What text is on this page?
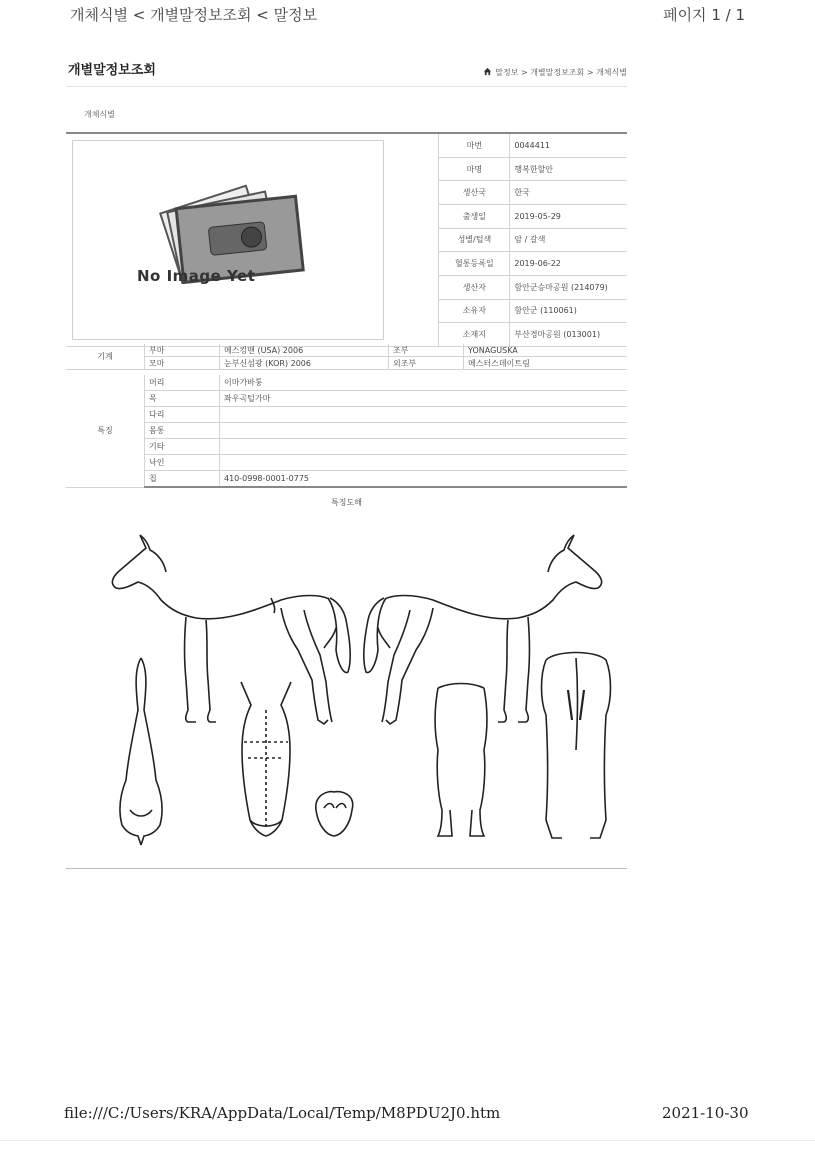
개체식별 < 개별말정보조회 < 말정보	페이지 1 / 1
개별말정보조회	말정보 > 개별말정보조회 > 개체식별
개체식별
No Image Yet	마번	0044411
	마명	행복한할안
	생산국	한국
	출생일	2019-05-29
	성별/털색	암 / 갈색
	혈통등록일	2019-06-22
	생산자	함안군승마공원 (214079)
	소유자	함안군 (110061)
	소재지	부산경마공원 (013001)
기계	부마	메스킹맨 (USA) 2006	조부	YONAGUSKA
	모마	눈부신섬광 (KOR) 2006	외조부	메스터스데이트림
특징	머리	이마가바퉁
	목	좌우곡털가마
	다리	
	몸통	
	기타	
	낙인	
	칩	410-0998-0001-0775
특징도해
file:///C:/Users/KRA/AppData/Local/Temp/M8PDU2J0.htm	2021-10-30
